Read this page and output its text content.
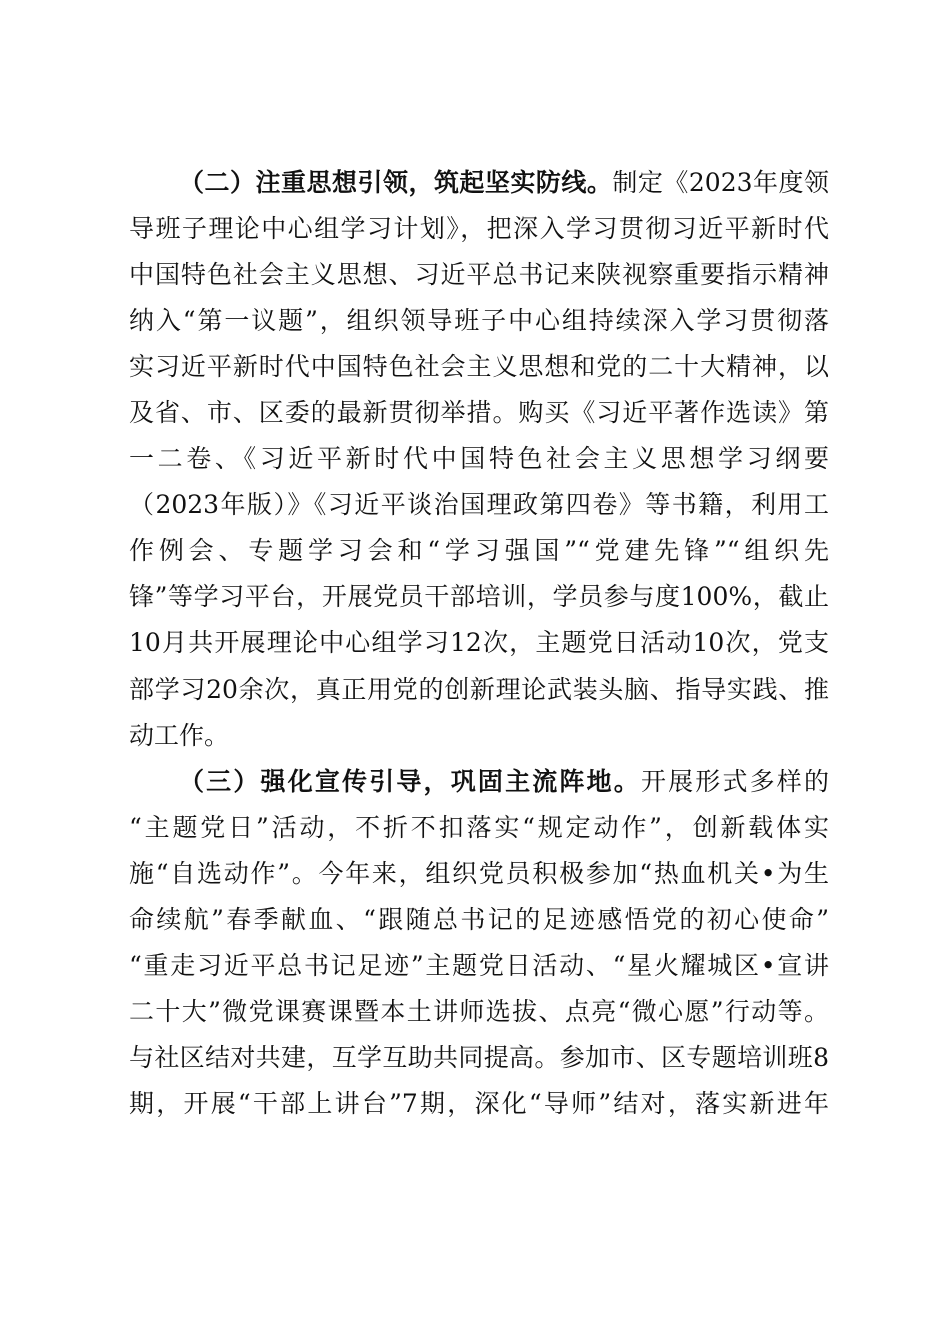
（二）注重思想引领，筑起坚实防线。制定《2023年度领
导班子理论中心组学习计划》，把深入学习贯彻习近平新时代
中国特色社会主义思想、习近平总书记来陕视察重要指示精神
纳入“第一议题”，组织领导班子中心组持续深入学习贯彻落
实习近平新时代中国特色社会主义思想和党的二十大精神，以
及省、市、区委的最新贯彻举措。购买《习近平著作选读》第
一二卷、《习近平新时代中国特色社会主义思想学习纲要
（2023年版）》《习近平谈治国理政第四卷》等书籍，利用工
作例会、专题学习会和“学习强国”“党建先锋”“组织先
锋”等学习平台，开展党员干部培训，学员参与度100%，截止
10月共开展理论中心组学习12次，主题党日活动10次，党支
部学习20余次，真正用党的创新理论武装头脑、指导实践、推
动工作。
（三）强化宣传引导，巩固主流阵地。开展形式多样的
“主题党日”活动，不折不扣落实“规定动作”，创新载体实
施“自选动作”。今年来，组织党员积极参加“热血机关•为生
命续航”春季献血、“跟随总书记的足迹感悟党的初心使命”
“重走习近平总书记足迹”主题党日活动、“星火耀城区•宣讲
二十大”微党课赛课暨本土讲师选拔、点亮“微心愿”行动等。
与社区结对共建，互学互助共同提高。参加市、区专题培训班8
期，开展“干部上讲台”7期，深化“导师”结对，落实新进年
